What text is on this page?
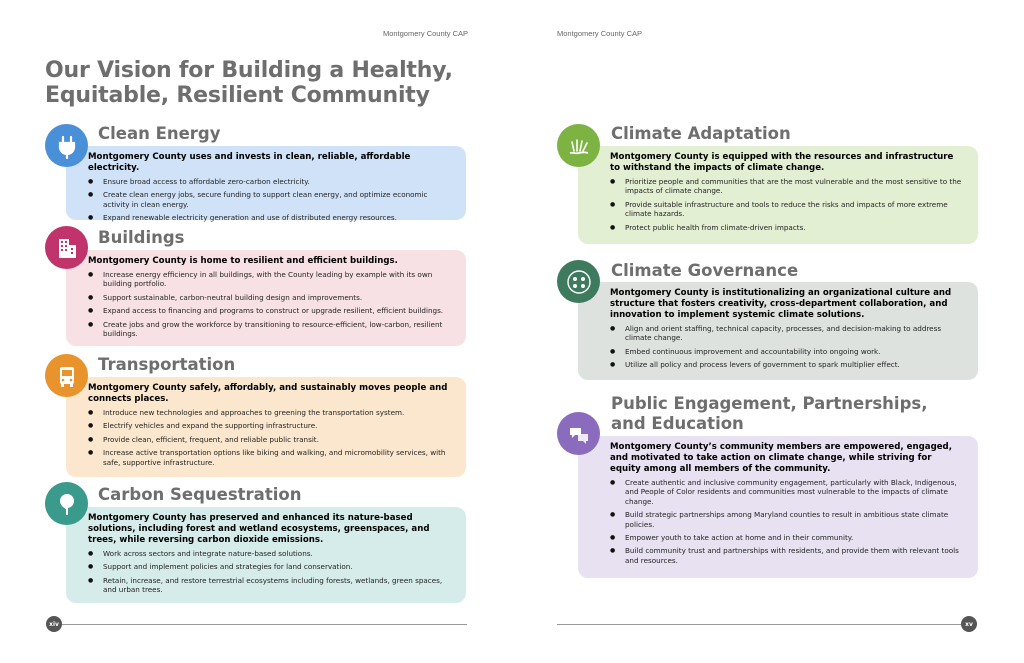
Montgomery County CAP	Montgomery County CAP
Our Vision for Building a Healthy, Equitable, Resilient Community
Clean Energy
Montgomery County uses and invests in clean, reliable, affordable electricity.
● Ensure broad access to affordable zero-carbon electricity.
● Create clean energy jobs, secure funding to support clean energy, and optimize economic activity in clean energy.
● Expand renewable electricity generation and use of distributed energy resources.
Buildings
Montgomery County is home to resilient and efficient buildings.
● Increase energy efficiency in all buildings, with the County leading by example with its own building portfolio.
● Support sustainable, carbon-neutral building design and improvements.
● Expand access to financing and programs to construct or upgrade resilient, efficient buildings.
● Create jobs and grow the workforce by transitioning to resource-efficient, low-carbon, resilient buildings.
Transportation
Montgomery County safely, affordably, and sustainably moves people and connects places.
● Introduce new technologies and approaches to greening the transportation system.
● Electrify vehicles and expand the supporting infrastructure.
● Provide clean, efficient, frequent, and reliable public transit.
● Increase active transportation options like biking and walking, and micromobility services, with safe, supportive infrastructure.
Carbon Sequestration
Montgomery County has preserved and enhanced its nature-based solutions, including forest and wetland ecosystems, greenspaces, and trees, while reversing carbon dioxide emissions.
● Work across sectors and integrate nature-based solutions.
● Support and implement policies and strategies for land conservation.
● Retain, increase, and restore terrestrial ecosystems including forests, wetlands, green spaces, and urban trees.
Climate Adaptation
Montgomery County is equipped with the resources and infrastructure to withstand the impacts of climate change.
● Prioritize people and communities that are the most vulnerable and the most sensitive to the impacts of climate change.
● Provide suitable infrastructure and tools to reduce the risks and impacts of more extreme climate hazards.
● Protect public health from climate-driven impacts.
Climate Governance
Montgomery County is institutionalizing an organizational culture and structure that fosters creativity, cross-department collaboration, and innovation to implement systemic climate solutions.
● Align and orient staffing, technical capacity, processes, and decision-making to address climate change.
● Embed continuous improvement and accountability into ongoing work.
● Utilize all policy and process levers of government to spark multiplier effect.
Public Engagement, Partnerships, and Education
Montgomery County’s community members are empowered, engaged, and motivated to take action on climate change, while striving for equity among all members of the community.
● Create authentic and inclusive community engagement, particularly with Black, Indigenous, and People of Color residents and communities most vulnerable to the impacts of climate change.
● Build strategic partnerships among Maryland counties to result in ambitious state climate policies.
● Empower youth to take action at home and in their community.
● Build community trust and partnerships with residents, and provide them with relevant tools and resources.
xiv	xv
